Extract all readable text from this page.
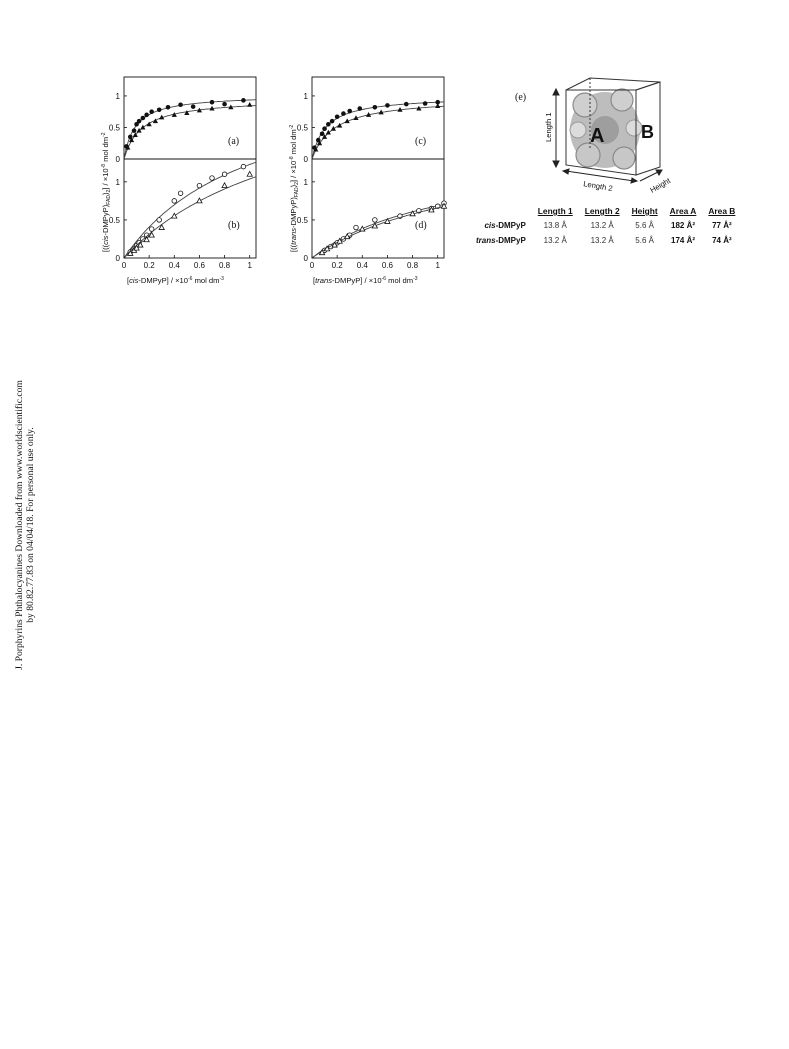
J. Porphyrins Phthalocyanines Downloaded from www.worldscientific.com by 80.82.77.83 on 04/04/18. For personal use only.
(a)
(b)
0
0.5
1
0
0.5
1
0 0.2 0.4 0.6 0.8 1
$[((cis-DMPyP)_{FAD})_2] / \times 10^{-8}$ mol $dm^{-2}$
[cis-DMPyP] / $\times 10^{-6}$ mol $dm^{-3}$
(c)
(d)
0
0.5
1
0
0.5
1
0 0.2 0.4 0.6 0.8 1
$[((trans-DMPyP)_{FAD})_2] / \times 10^{-8}$ mol $dm^{-2}$
[trans-DMPyP] / $\times 10^{-6}$ mol $dm^{-3}$
(e)
A B
Length 1
Length 2	Height
	Length 1	Length 2	Height	Area A	Area B
cis-DMPyP	13.8 Å	13.2 Å	5.6 Å	182 Å²	77 Å²
trans-DMPyP	13.2 Å	13.2 Å	5.6 Å	174 Å²	74 Å²
